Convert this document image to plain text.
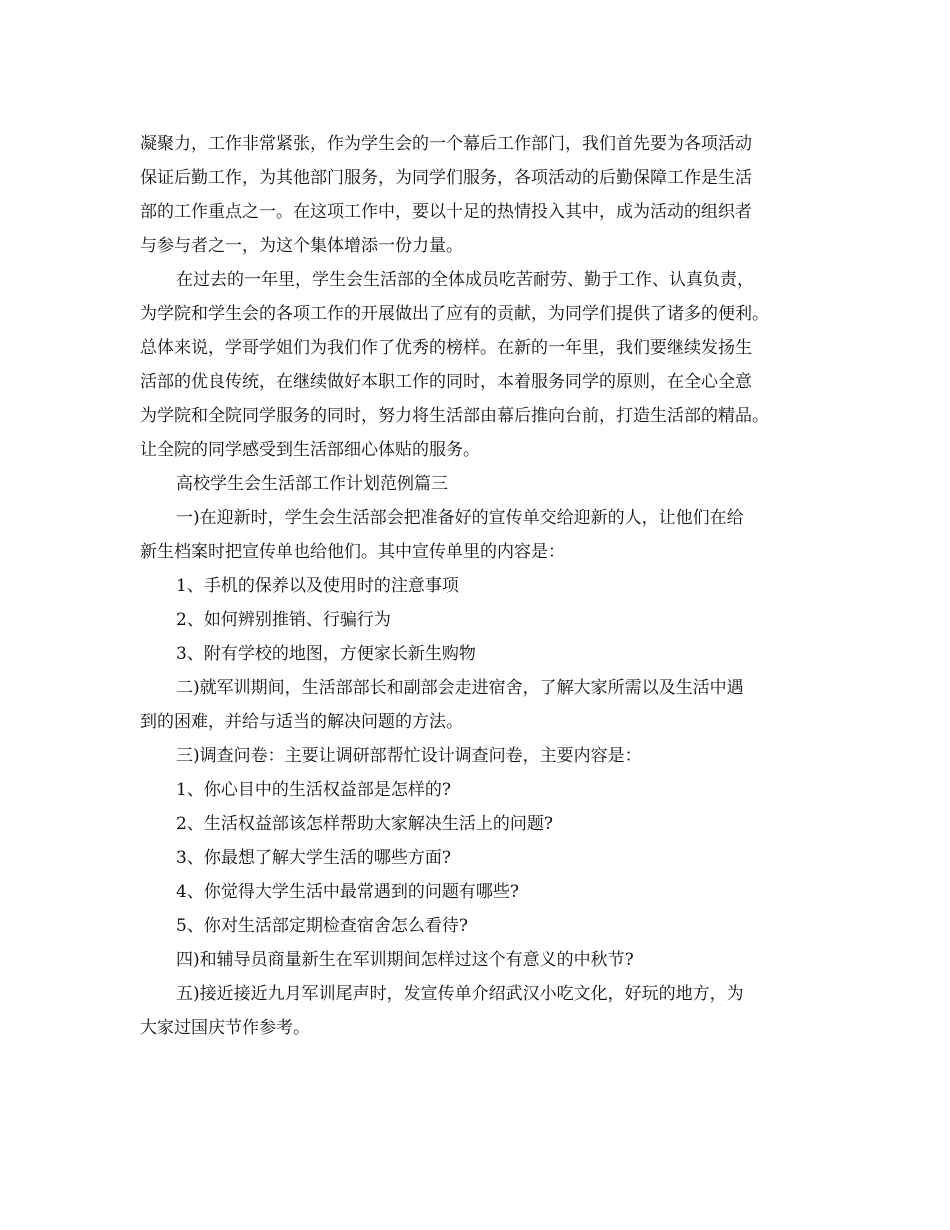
凝聚力，工作非常紧张，作为学生会的一个幕后工作部门，我们首先要为各项活动
保证后勤工作，为其他部门服务，为同学们服务，各项活动的后勤保障工作是生活
部的工作重点之一。在这项工作中，要以十足的热情投入其中，成为活动的组织者
与参与者之一，为这个集体增添一份力量。
在过去的一年里，学生会生活部的全体成员吃苦耐劳、勤于工作、认真负责，
为学院和学生会的各项工作的开展做出了应有的贡献，为同学们提供了诸多的便利。
总体来说，学哥学姐们为我们作了优秀的榜样。在新的一年里，我们要继续发扬生
活部的优良传统，在继续做好本职工作的同时，本着服务同学的原则，在全心全意
为学院和全院同学服务的同时，努力将生活部由幕后推向台前，打造生活部的精品。
让全院的同学感受到生活部细心体贴的服务。
高校学生会生活部工作计划范例篇三
一)在迎新时，学生会生活部会把准备好的宣传单交给迎新的人，让他们在给
新生档案时把宣传单也给他们。其中宣传单里的内容是：
1、手机的保养以及使用时的注意事项
2、如何辨别推销、行骗行为
3、附有学校的地图，方便家长新生购物
二)就军训期间，生活部部长和副部会走进宿舍，了解大家所需以及生活中遇
到的困难，并给与适当的解决问题的方法。
三)调查问卷：主要让调研部帮忙设计调查问卷，主要内容是：
1、你心目中的生活权益部是怎样的?
2、生活权益部该怎样帮助大家解决生活上的问题?
3、你最想了解大学生活的哪些方面?
4、你觉得大学生活中最常遇到的问题有哪些?
5、你对生活部定期检查宿舍怎么看待?
四)和辅导员商量新生在军训期间怎样过这个有意义的中秋节?
五)接近接近九月军训尾声时，发宣传单介绍武汉小吃文化，好玩的地方，为
大家过国庆节作参考。
